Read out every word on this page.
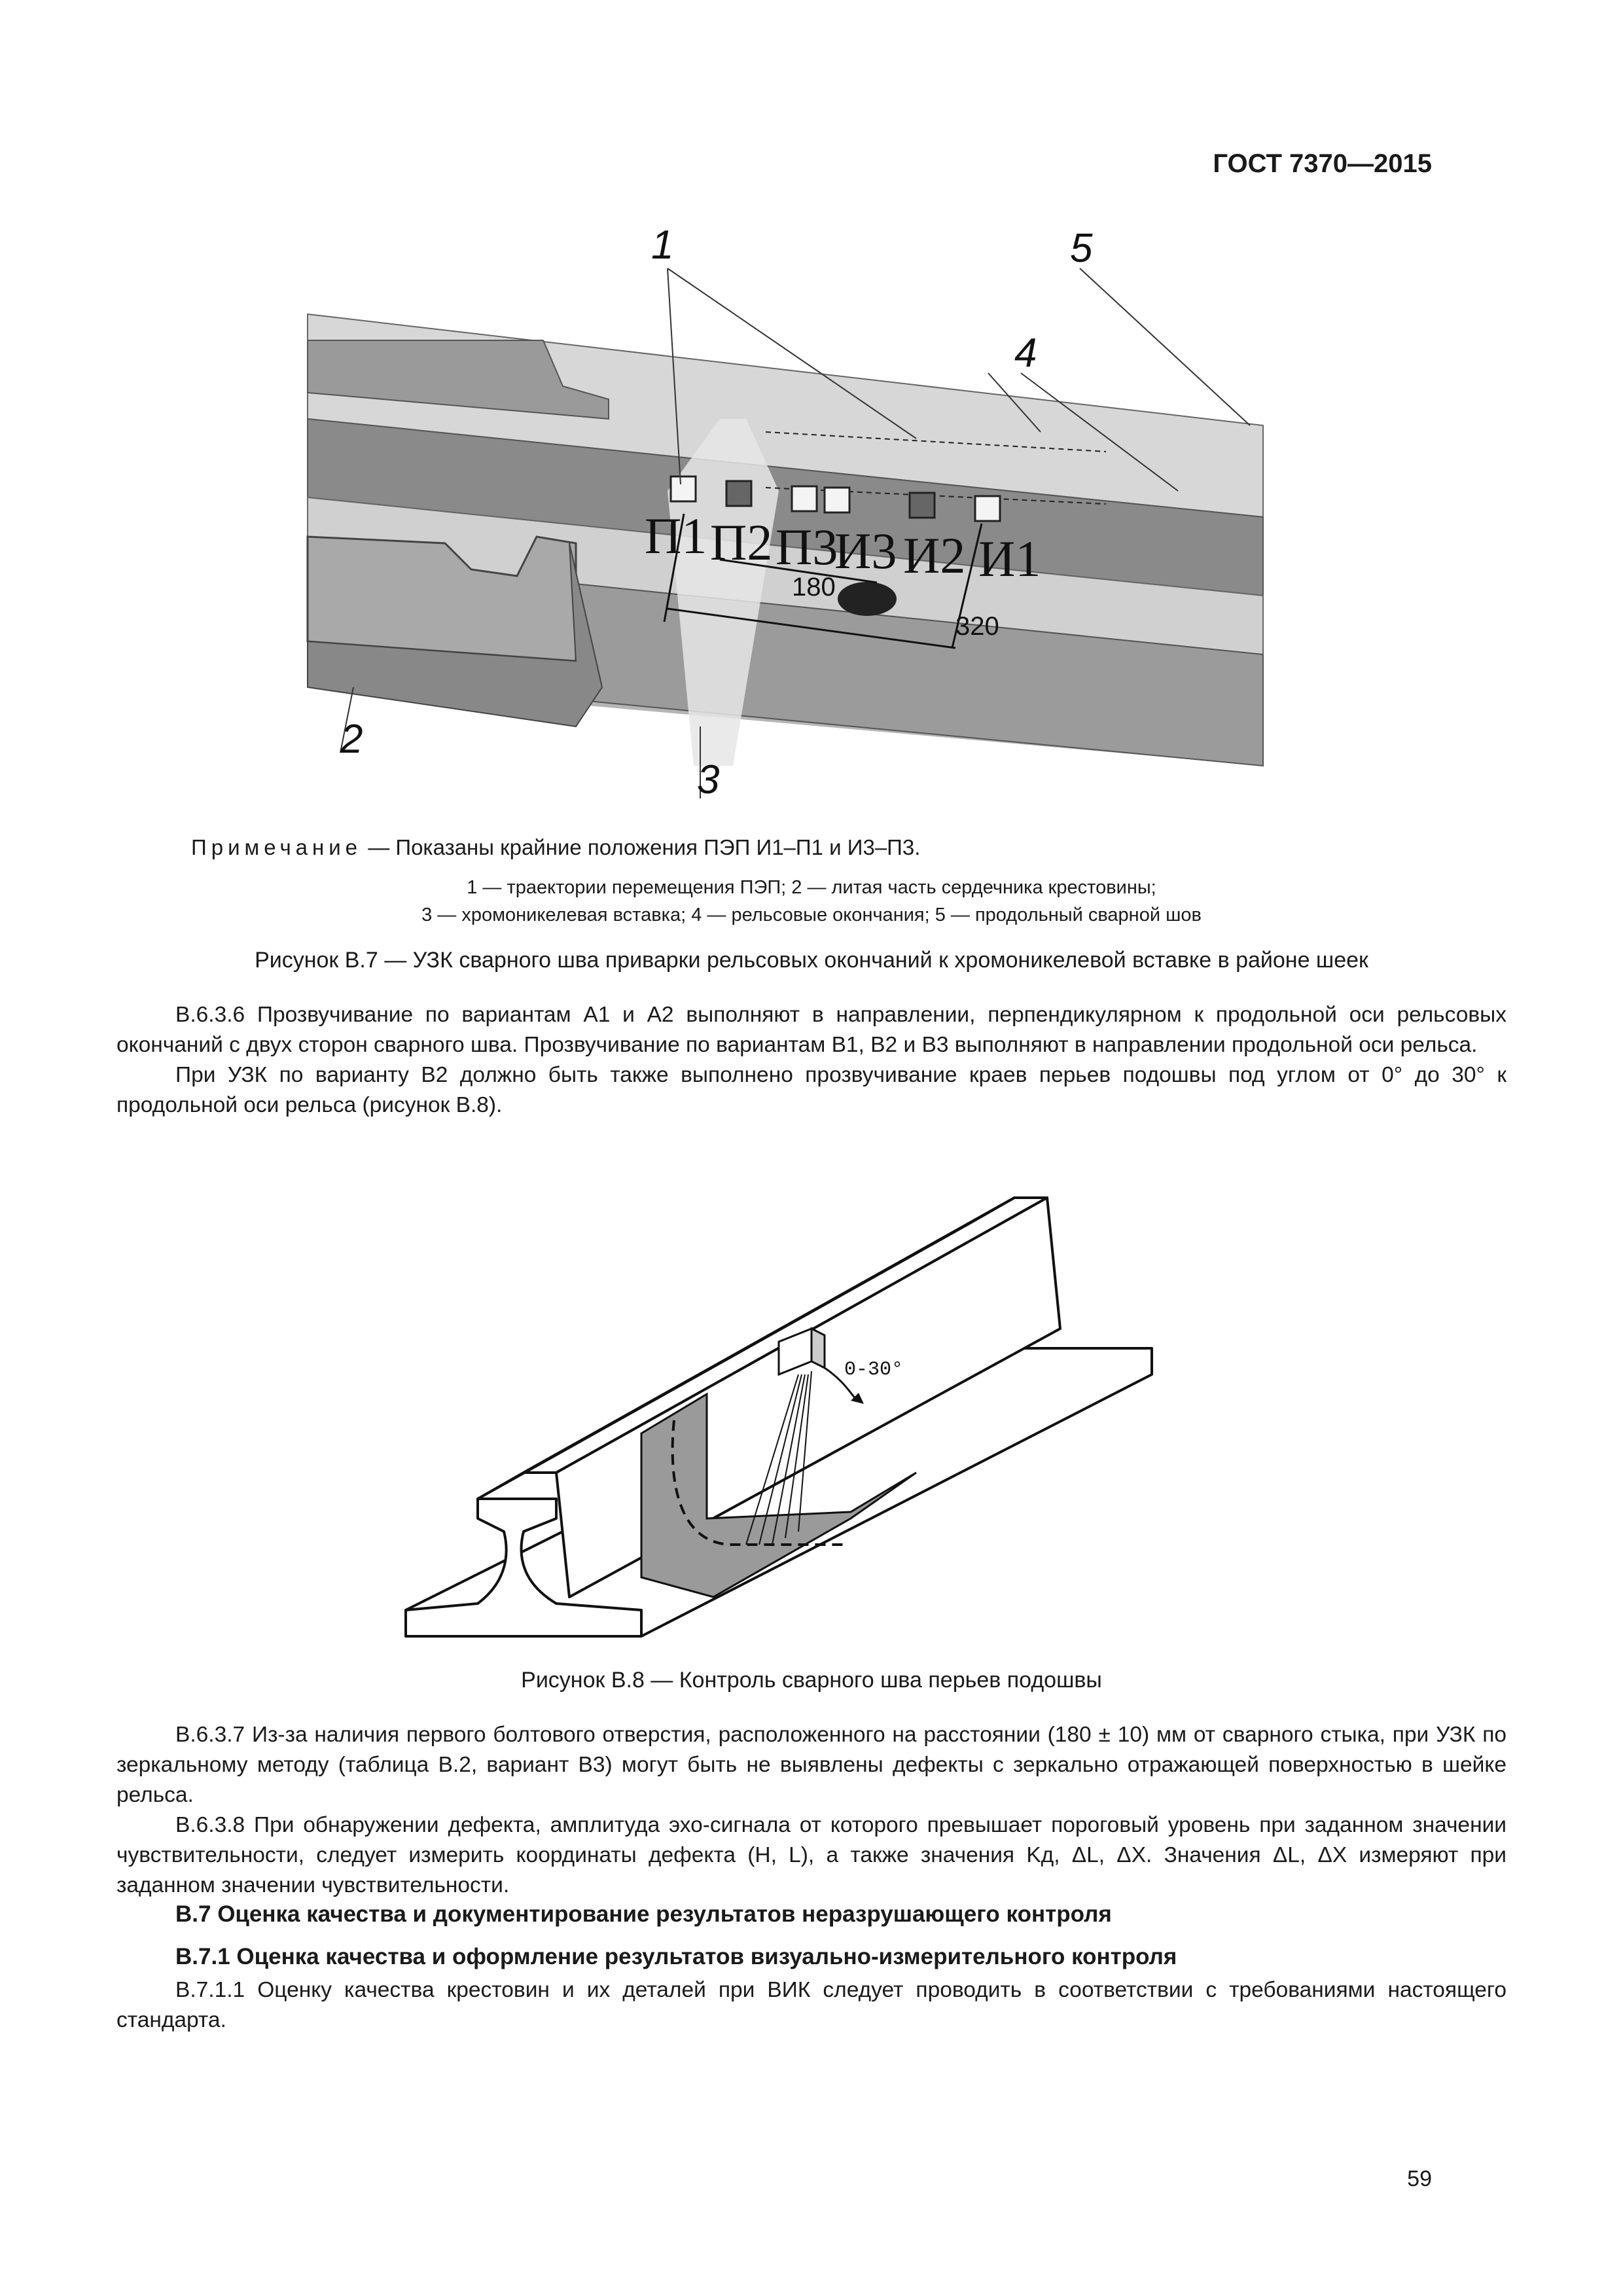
ГОСТ 7370—2015
1
2
3
4
5
П1 П2 П3
И3 И2 И1
180
320
Примечание — Показаны крайние положения ПЭП И1–П1 и И3–П3.
1 — траектории перемещения ПЭП; 2 — литая часть сердечника крестовины;
3 — хромоникелевая вставка; 4 — рельсовые окончания; 5 — продольный сварной шов
Рисунок В.7 — УЗК сварного шва приварки рельсовых окончаний к хромоникелевой вставке в районе шеек

В.6.3.6 Прозвучивание по вариантам А1 и А2 выполняют в направлении, перпендикулярном к продольной оси рельсовых окончаний с двух сторон сварного шва. Прозвучивание по вариантам В1, В2 и В3 выполняют в направлении продольной оси рельса.

При УЗК по варианту В2 должно быть также выполнено прозвучивание краев перьев подошвы под углом от 0° до 30° к продольной оси рельса (рисунок В.8).

0-30°
Рисунок В.8 — Контроль сварного шва перьев подошвы

В.6.3.7 Из-за наличия первого болтового отверстия, расположенного на расстоянии (180 ± 10) мм от сварного стыка, при УЗК по зеркальному методу (таблица В.2, вариант В3) могут быть не выявлены дефекты с зеркально отражающей поверхностью в шейке рельса.

В.6.3.8 При обнаружении дефекта, амплитуда эхо-сигнала от которого превышает пороговый уровень при заданном значении чувствительности, следует измерить координаты дефекта (H, L), а также значения Kд, ΔL, ΔX. Значения ΔL, ΔX измеряют при заданном значении чувствительности.

В.7 Оценка качества и документирование результатов неразрушающего контроля
В.7.1 Оценка качества и оформление результатов визуально-измерительного контроля

В.7.1.1 Оценку качества крестовин и их деталей при ВИК следует проводить в соответствии с требованиями настоящего стандарта.

59
